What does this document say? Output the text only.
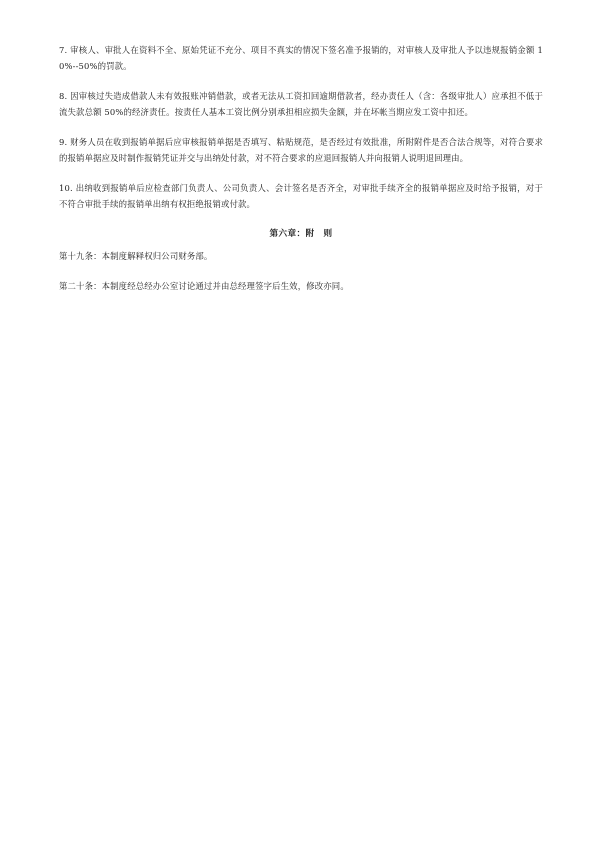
7. 审核人、审批人在资料不全、原始凭证不充分、项目不真实的情况下签名准予报销的，对审核人及审批人予以违规报销金额 10%--50%的罚款。

8. 因审核过失造成借款人未有效报账冲销借款，或者无法从工资扣回逾期借款者，经办责任人（含：各级审批人）应承担不低于流失款总额 50%的经济责任。按责任人基本工资比例分别承担相应损失金额，并在坏帐当期应发工资中扣还。

9. 财务人员在收到报销单据后应审核报销单据是否填写、粘贴规范，是否经过有效批准，所附附件是否合法合规等，对符合要求的报销单据应及时制作报销凭证并交与出纳处付款，对不符合要求的应退回报销人并向报销人说明退回理由。

10. 出纳收到报销单后应检查部门负责人、公司负责人、会计签名是否齐全，对审批手续齐全的报销单据应及时给予报销，对于不符合审批手续的报销单出纳有权拒绝报销或付款。

第六章：附　则

第十九条：本制度解释权归公司财务部。

第二十条：本制度经总经办公室讨论通过并由总经理签字后生效，修改亦同。
